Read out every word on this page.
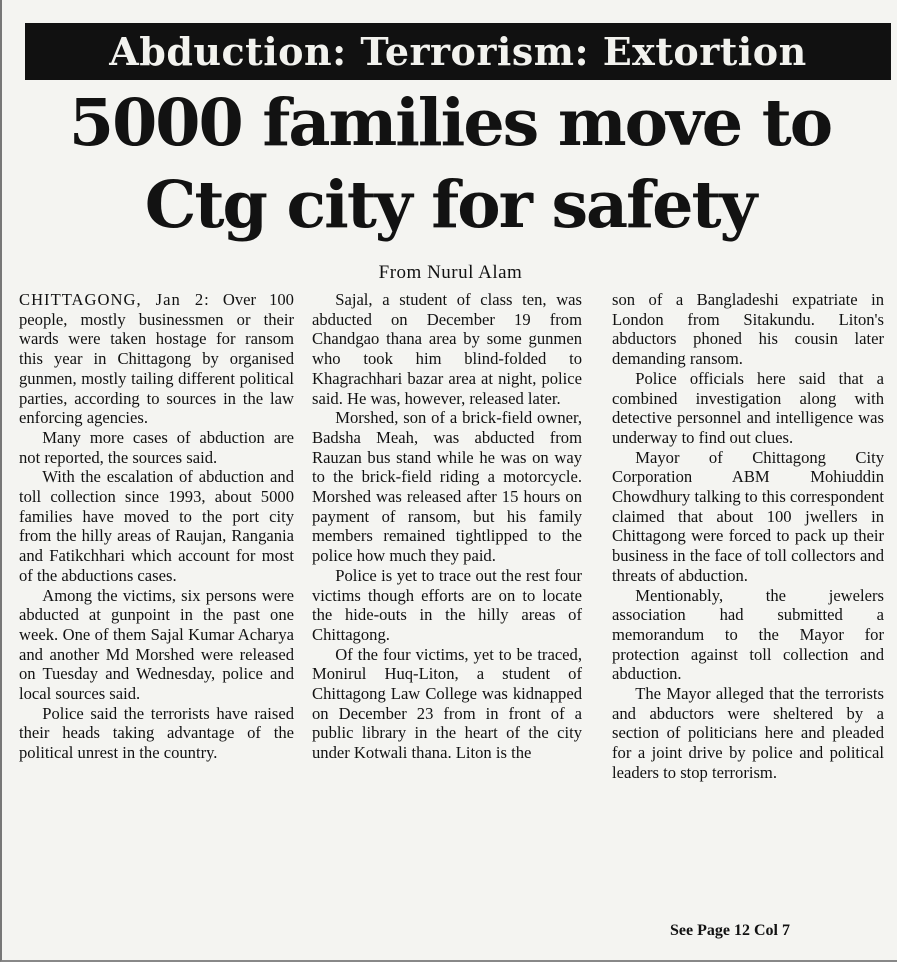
Abduction: Terrorism: Extortion
5000 families move to
Ctg city for safety
From Nurul Alam

CHITTAGONG, Jan 2: Over 100 people, mostly businessmen or their wards were taken hostage for ransom this year in Chittagong by organised gunmen, mostly tailing different political parties, according to sources in the law enforcing agencies.

Many more cases of abduction are not reported, the sources said.

With the escalation of abduction and toll collection since 1993, about 5000 families have moved to the port city from the hilly areas of Raujan, Rangania and Fatikchhari which account for most of the abductions cases.

Among the victims, six persons were abducted at gunpoint in the past one week. One of them Sajal Kumar Acharya and another Md Morshed were released on Tuesday and Wednesday, police and local sources said.

Police said the terrorists have raised their heads taking advantage of the political unrest in the country.

Sajal, a student of class ten, was abducted on December 19 from Chandgao thana area by some gunmen who took him blind-folded to Khagrachhari bazar area at night, police said. He was, however, released later.

Morshed, son of a brick-field owner, Badsha Meah, was abducted from Rauzan bus stand while he was on way to the brick-field riding a motorcycle. Morshed was released after 15 hours on payment of ransom, but his family members remained tightlipped to the police how much they paid.

Police is yet to trace out the rest four victims though efforts are on to locate the hide-outs in the hilly areas of Chittagong.

Of the four victims, yet to be traced, Monirul Huq-Liton, a student of Chittagong Law College was kidnapped on December 23 from in front of a public library in the heart of the city under Kotwali thana. Liton is the

son of a Bangladeshi expatriate in London from Sitakundu. Liton's abductors phoned his cousin later demanding ransom.

Police officials here said that a combined investigation along with detective personnel and intelligence was underway to find out clues.

Mayor of Chittagong City Corporation ABM Mohiuddin Chowdhury talking to this correspondent claimed that about 100 jwellers in Chittagong were forced to pack up their business in the face of toll collectors and threats of abduction.

Mentionably, the jewelers association had submitted a memorandum to the Mayor for protection against toll collection and abduction.

The Mayor alleged that the terrorists and abductors were sheltered by a section of politicians here and pleaded for a joint drive by police and political leaders to stop terrorism.

See Page 12 Col 7
